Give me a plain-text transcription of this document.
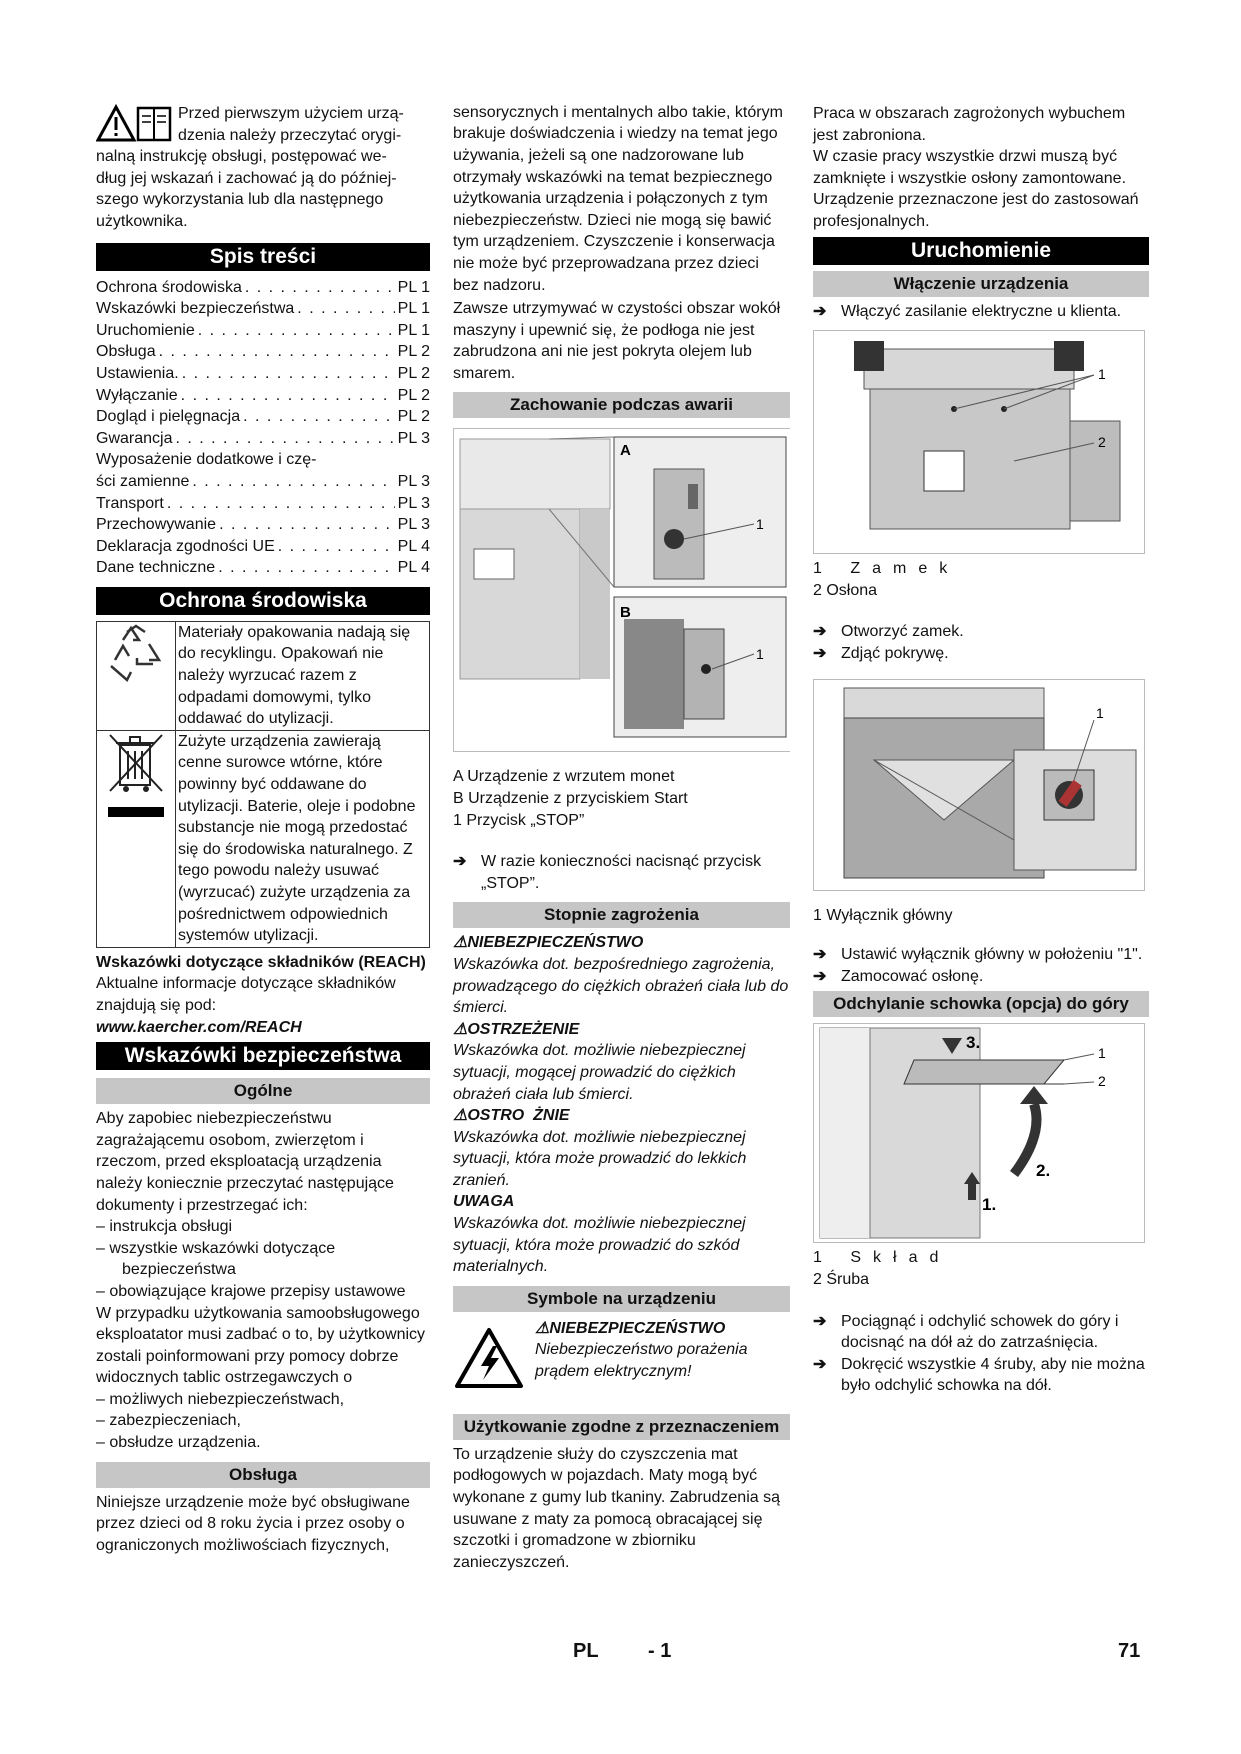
Przed pierwszym użyciem urzą-

dzenia należy przeczytać orygi-

nalną instrukcję obsługi, postępować we-

dług jej wskazań i zachować ją do później-

szego wykorzystania lub dla następnego

użytkownika.

Spis treści
Ochrona środowiska . . .	PL 1
Wskazówki bezpieczeństwa . . .	PL 1
Uruchomienie . . .	PL 1
Obsługa . . .	PL 2
Ustawienia. . . .	PL 2
Wyłączanie . . .	PL 2
Dogląd i pielęgnacja . . .	PL 2
Gwarancja . . .	PL 3
Wyposażenie dodatkowe i czę-
ści zamienne . . .	PL 3
Transport . . .	PL 3
Przechowywanie . . .	PL 3
Deklaracja zgodności UE . . .	PL 4
Dane techniczne . . .	PL 4
Ochrona środowiska
	Materiały opakowania nadają się do recyklingu. Opakowań nie należy wyrzucać razem z odpadami domowymi, tylko oddawać do utylizacji.
	Zużyte urządzenia zawierają cenne surowce wtórne, które powinny być oddawane do utylizacji. Baterie, oleje i podobne substancje nie mogą przedostać się do środowiska naturalnego. Z tego powodu należy usuwać (wyrzucać) zużyte urządzenia za pośrednictwem odpowiednich systemów utylizacji.

Wskazówki dotyczące składników (REACH)

Aktualne informacje dotyczące składników znajdują się pod:

www.kaercher.com/REACH

Wskazówki bezpieczeństwa
Ogólne

Aby zapobiec niebezpieczeństwu zagrażającemu osobom, zwierzętom i rzeczom, przed eksploatacją urządzenia należy koniecznie przeczytać następujące dokumenty i przestrzegać ich:

– instrukcja obsługi

– wszystkie wskazówki dotyczące bezpieczeństwa

– obowiązujące krajowe przepisy ustawowe

W przypadku użytkowania samoobsługowego eksploatator musi zadbać o to, by użytkownicy zostali poinformowani przy pomocy dobrze widocznych tablic ostrzegawczych o

– możliwych niebezpieczeństwach,

– zabezpieczeniach,

– obsłudze urządzenia.

Obsługa

Niniejsze urządzenie może być obsługiwane przez dzieci od 8 roku życia i przez osoby o ograniczonych możliwościach fizycznych,

sensorycznych i mentalnych albo takie, którym brakuje doświadczenia i wiedzy na temat jego używania, jeżeli są one nadzorowane lub otrzymały wskazówki na temat bezpiecznego użytkowania urządzenia i połączonych z tym niebezpieczeństw. Dzieci nie mogą się bawić tym urządzeniem. Czyszczenie i konserwacja nie może być przeprowadzana przez dzieci bez nadzoru.

Zawsze utrzymywać w czystości obszar wokół maszyny i upewnić się, że podłoga nie jest zabrudzona ani nie jest pokryta olejem lub smarem.

Zachowanie podczas awarii
A
B
1
1

A Urządzenie z wrzutem monet

B Urządzenie z przyciskiem Start

1 Przycisk „STOP”

➔ W razie konieczności nacisnąć przycisk „STOP”.
Stopnie zagrożenia

⚠NIEBEZPIECZEŃSTWO

Wskazówka dot. bezpośredniego zagrożenia, prowadzącego do ciężkich obrażeń ciała lub do śmierci.

⚠OSTRZEŻENIE

Wskazówka dot. możliwie niebezpiecznej sytuacji, mogącej prowadzić do ciężkich obrażeń ciała lub śmierci.

⚠OSTRO  ŻNIE

Wskazówka dot. możliwie niebezpiecznej sytuacji, która może prowadzić do lekkich zranień.

UWAGA

Wskazówka dot. możliwie niebezpiecznej sytuacji, która może prowadzić do szkód materialnych.

Symbole na urządzeniu

⚠NIEBEZPIECZEŃSTWO

Niebezpieczeństwo porażenia prądem elektrycznym!

Użytkowanie zgodne z przeznaczeniem

To urządzenie służy do czyszczenia mat podłogowych w pojazdach. Maty mogą być wykonane z gumy lub tkaniny. Zabrudzenia są usuwane z maty za pomocą obracającej się szczotki i gromadzone w zbiorniku zanieczyszczeń.

Praca w obszarach zagrożonych wybuchem jest zabroniona.

W czasie pracy wszystkie drzwi muszą być zamknięte i wszystkie osłony zamontowane.

Urządzenie przeznaczone jest do zastosowań profesjonalnych.

Uruchomienie
Włączenie urządzenia
➔ Włączyć zasilanie elektryczne u klienta.
1
2

1 Zamek

2 Osłona

➔ Otworzyć zamek.
➔ Zdjąć pokrywę.
1

1 Wyłącznik główny

➔ Ustawić wyłącznik główny w położeniu "1".
➔ Zamocować osłonę.
Odchylanie schowka (opcja) do góry
1
2
1.
2.
3.

1 Skład

2 Śruba

➔ Pociągnąć i odchylić schowek do góry i docisnąć na dół aż do zatrzaśnięcia.
➔ Dokręcić wszystkie 4 śruby, aby nie można było odchylić schowka na dół.
PL - 1	71
